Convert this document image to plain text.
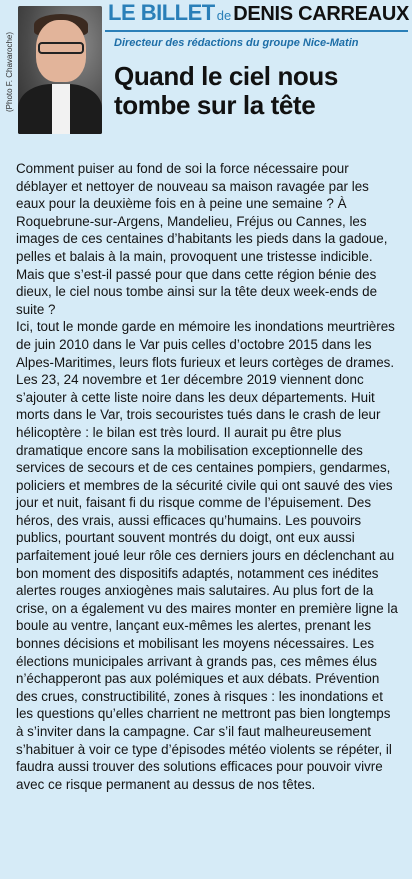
(Photo F. Chavaroche)
LE BILLET de DENIS CARREAUX
Directeur des rédactions du groupe Nice-Matin
Quand le ciel nous tombe sur la tête

Comment puiser au fond de soi la force nécessaire pour déblayer et nettoyer de nouveau sa maison ravagée par les eaux pour la deuxième fois en à peine une semaine ? À Roquebrune-sur-Argens, Mandelieu, Fréjus ou Cannes, les images de ces centaines d’habitants les pieds dans la gadoue, pelles et balais à la main, provoquent une tristesse indicible. Mais que s’est-il passé pour que dans cette région bénie des dieux, le ciel nous tombe ainsi sur la tête deux week-ends de suite ?

Ici, tout le monde garde en mémoire les inondations meurtrières de juin 2010 dans le Var puis celles d’octobre 2015 dans les Alpes-Maritimes, leurs flots furieux et leurs cortèges de drames. Les 23, 24 novembre et 1er décembre 2019 viennent donc s’ajouter à cette liste noire dans les deux départements. Huit morts dans le Var, trois secouristes tués dans le crash de leur hélicoptère : le bilan est très lourd. Il aurait pu être plus dramatique encore sans la mobilisation exceptionnelle des services de secours et de ces centaines pompiers, gendarmes, policiers et membres de la sécurité civile qui ont sauvé des vies jour et nuit, faisant fi du risque comme de l’épuisement. Des héros, des vrais, aussi efficaces qu’humains. Les pouvoirs publics, pourtant souvent montrés du doigt, ont eux aussi parfaitement joué leur rôle ces derniers jours en déclenchant au bon moment des dispositifs adaptés, notamment ces inédites alertes rouges anxiogènes mais salutaires. Au plus fort de la crise, on a également vu des maires monter en première ligne la boule au ventre, lançant eux-mêmes les alertes, prenant les bonnes décisions et mobilisant les moyens nécessaires. Les élections municipales arrivant à grands pas, ces mêmes élus n’échapperont pas aux polémiques et aux débats. Prévention des crues, constructibilité, zones à risques : les inondations et les questions qu’elles charrient ne mettront pas bien longtemps à s’inviter dans la campagne. Car s’il faut malheureusement s’habituer à voir ce type d’épisodes météo violents se répéter, il faudra aussi trouver des solutions efficaces pour pouvoir vivre avec ce risque permanent au dessus de nos têtes.
